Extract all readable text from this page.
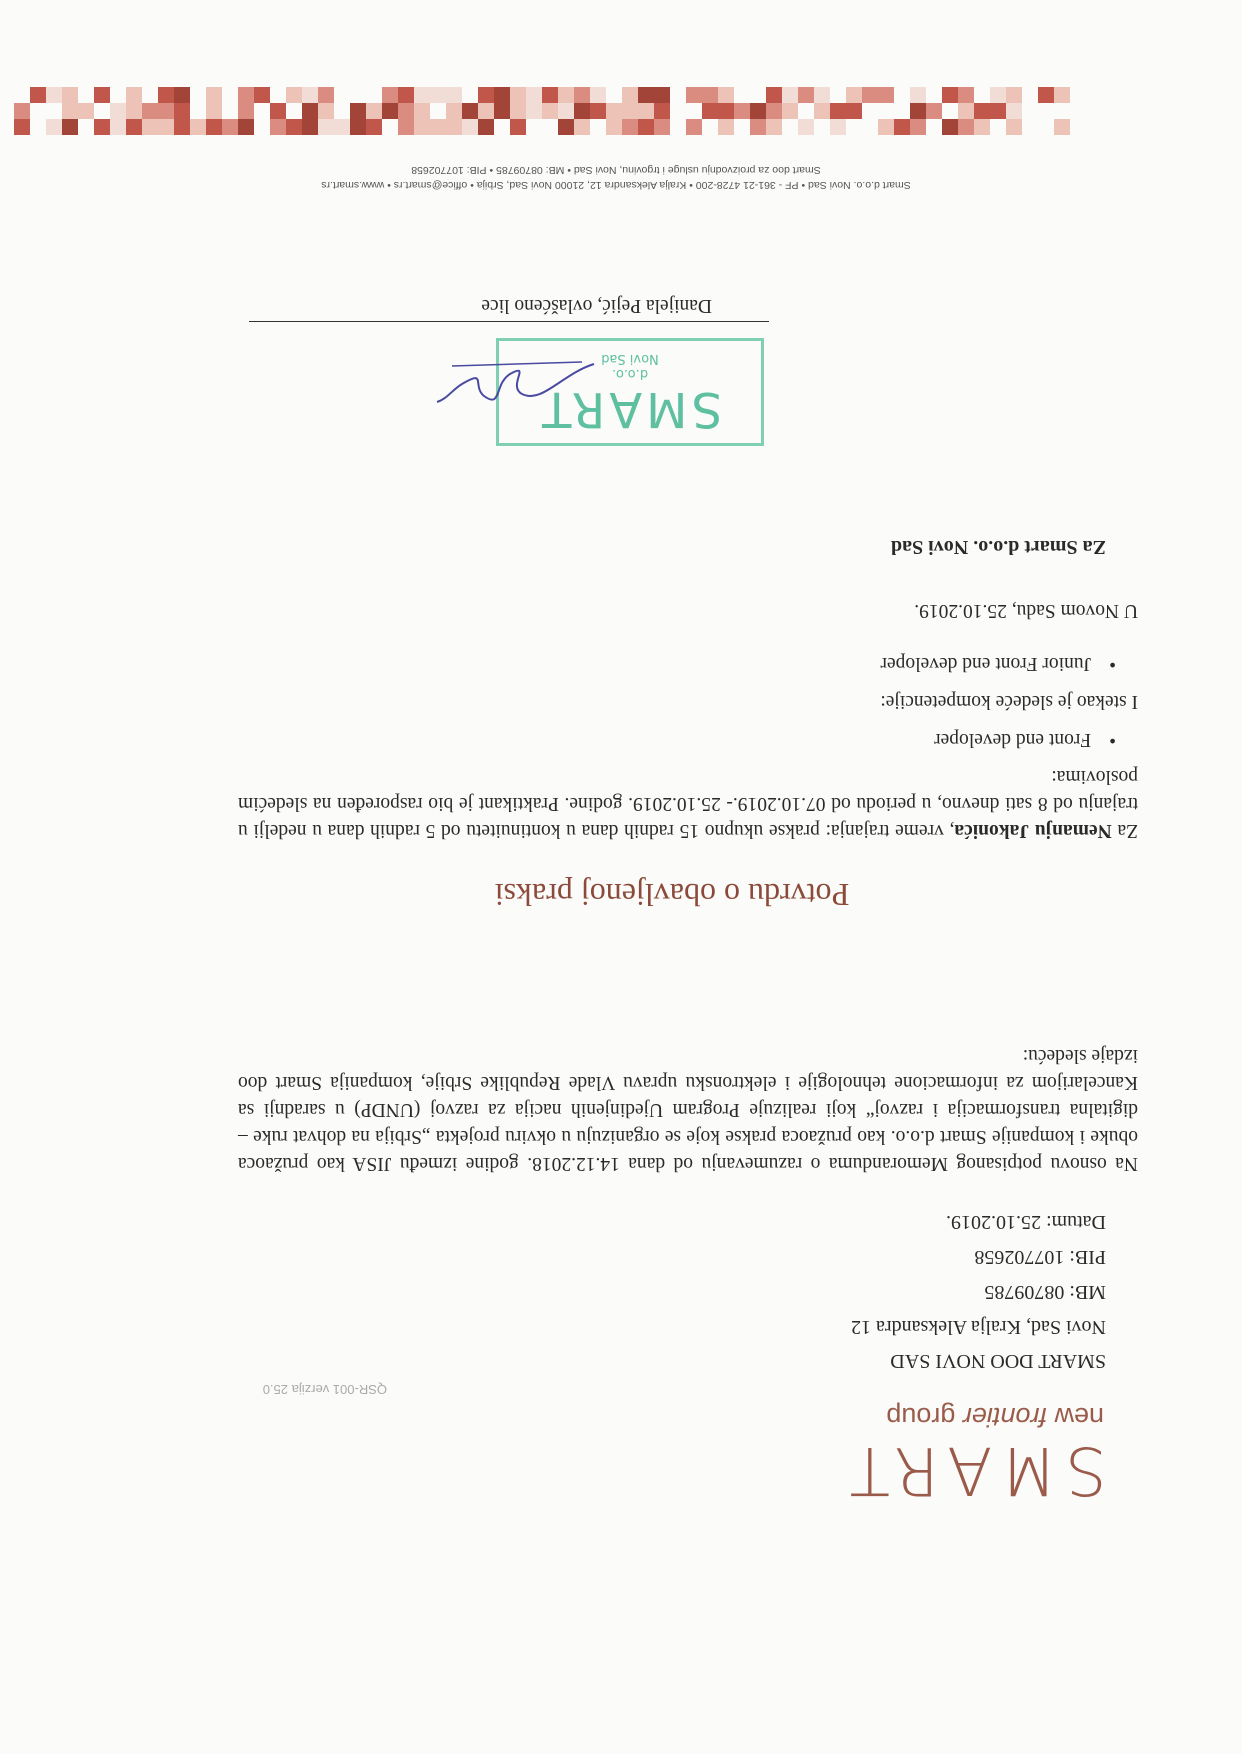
SMART
new frontier group
QSR-001 verzija 25.0
SMART DOO NOVI SAD
Novi Sad, Kralja Aleksandra 12
MB: 08709785
PIB: 107702658
Datum: 25.10.2019.
Na osnovu potpisanog Memoranduma o razumevanju od dana 14.12.2018. godine između JISA kao pružaoca obuke i kompanije Smart d.o.o. kao pružaoca prakse koje se organizuju u okviru projekta „Srbija na dohvat ruke – digitalna transformacija i razvoj“ koji realizuje Program Ujedinjenih nacija za razvoj (UNDP) u saradnji sa Kancelarijom za informacione tehnologije i elektronsku upravu Vlade Republike Srbije, kompanija Smart doo izdaje sledeću:
Potvrdu o obavljenoj praksi
Za Nemanju Jakonića, vreme trajanja: prakse ukupno 15 radnih dana u kontinuitetu od 5 radnih dana u nedelji u trajanju od 8 sati dnevno, u periodu od 07.10.2019.- 25.10.2019. godine. Praktikant je bio raspoređen na sledećim poslovima:
• Front end developer
I stekao je sledeće kompetencije:
• Junior Front end developer
U Novom Sadu, 25.10.2019.
Za Smart d.o.o. Novi Sad
SMART
d.o.o.
Novi Sad
Danijela Pejić, ovlašćeno lice
Smart d.o.o. Novi Sad • PF - 361-21 4728-200 • Kralja Aleksandra 12, 21000 Novi Sad, Srbija • office@smart.rs • www.smart.rs
Smart doo za proizvodnju usluge i trgovinu, Novi Sad • MB: 08709785 • PIB: 107702658
